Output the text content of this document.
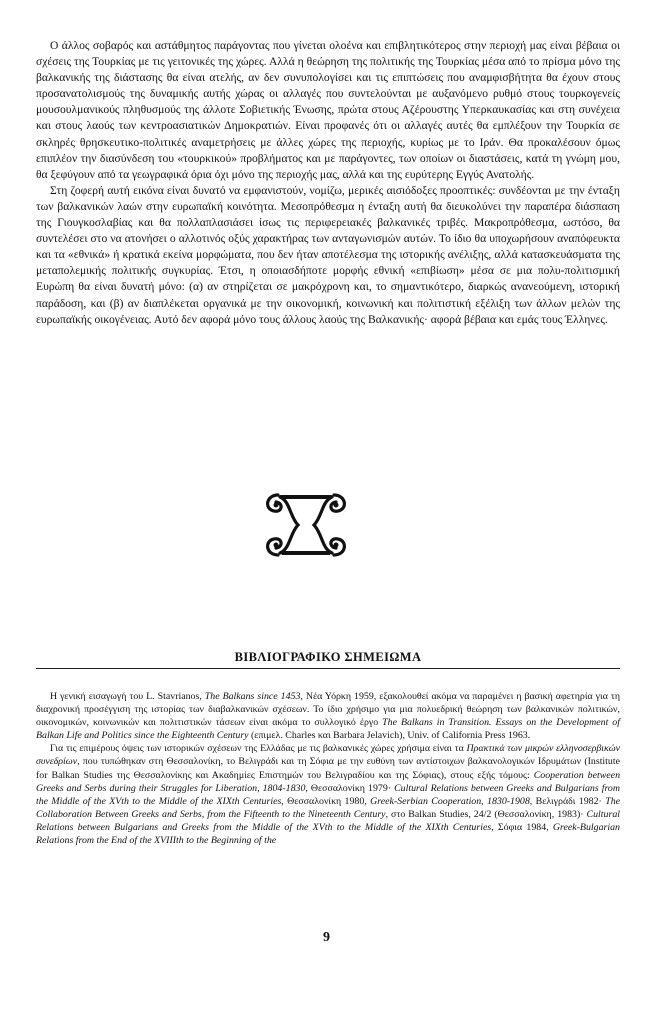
Ο άλλος σοβαρός και αστάθμητος παράγοντας που γίνεται ολοένα και επιβλητικότερος στην περιοχή μας είναι βέβαια οι σχέσεις της Τουρκίας με τις γειτονικές της χώρες. Αλλά η θεώρηση της πολιτικής της Τουρκίας μέσα από το πρίσμα μόνο της βαλκανικής της διάστασης θα είναι ατελής, αν δεν συνυπολογίσει και τις επιπτώσεις που αναμφισβήτητα θα έχουν στους προσανατολισμούς της δυναμικής αυτής χώρας οι αλλαγές που συντελούνται με αυξανόμενο ρυθμό στους τουρκογενείς μουσουλμανικούς πληθυσμούς της άλλοτε Σοβιετικής Ένωσης, πρώτα στους Αζέρουστης Υπερκαυκασίας και στη συνέχεια και στους λαούς των κεντροασιατικών Δημοκρατιών. Είναι προφανές ότι οι αλλαγές αυτές θα εμπλέξουν την Τουρκία σε σκληρές θρησκευτικο-πολιτικές αναμετρήσεις με άλλες χώρες της περιοχής, κυρίως με το Ιράν. Θα προκαλέσουν όμως επιπλέον την διασύνδεση του «τουρκικού» προβλήματος και με παράγοντες, των οποίων οι διαστάσεις, κατά τη γνώμη μου, θα ξεφύγουν από τα γεωγραφικά όρια όχι μόνο της περιοχής μας, αλλά και της ευρύτερης Εγγύς Ανατολής.

Στη ζοφερή αυτή εικόνα είναι δυνατό να εμφανιστούν, νομίζω, μερικές αισιόδοξες προοπτικές: συνδέονται με την ένταξη των βαλκανικών λαών στην ευρωπαϊκή κοινότητα. Μεσοπρόθεσμα η ένταξη αυτή θα διευκολύνει την παραπέρα διάσπαση της Γιουγκοσλαβίας και θα πολλαπλασιάσει ίσως τις περιφερειακές βαλκανικές τριβές. Μακροπρόθεσμα, ωστόσο, θα συντελέσει στο να ατονήσει ο αλλοτινός οξύς χαρακτήρας των ανταγωνισμών αυτών. Το ίδιο θα υποχωρήσουν αναπόφευκτα και τα «εθνικά» ή κρατικά εκείνα μορφώματα, που δεν ήταν αποτέλεσμα της ιστορικής ανέλιξης, αλλά κατασκευάσματα της μεταπολεμικής πολιτικής συγκυρίας. Έτσι, η οποιασδήποτε μορφής εθνική «επιβίωση» μέσα σε μια πολυ-πολιτισμική Ευρώπη θα είναι δυνατή μόνο: (α) αν στηρίζεται σε μακρόχρονη και, το σημαντικότερο, διαρκώς ανανεούμενη, ιστορική παράδοση, και (β) αν διαπλέκεται οργανικά με την οικονομική, κοινωνική και πολιτιστική εξέλιξη των άλλων μελών της ευρωπαϊκής οικογένειας. Αυτό δεν αφορά μόνο τους άλλους λαούς της Βαλκανικής· αφορά βέβαια και εμάς τους Έλληνες.

ΒΙΒΛΙΟΓΡΑΦΙΚΟ ΣΗΜΕΙΩΜΑ

Η γενική εισαγωγή του L. Stavrianos, The Balkans since 1453, Νέα Υόρκη 1959, εξακολουθεί ακόμα να παραμένει η βασική αφετηρία για τη διαχρονική προσέγγιση της ιστορίας των διαβαλκανικών σχέσεων. Το ίδιο χρήσιμο για μια πολυεδρική θεώρηση των βαλκανικών πολιτικών, οικονομικών, κοινωνικών και πολιτιστικών τάσεων είναι ακόμα το συλλογικό έργο The Balkans in Transition. Essays on the Development of Balkan Life and Politics since the Eighteenth Century (επιμελ. Charles και Barbara Jelavich), Univ. of California Press 1963.

Για τις επιμέρους όψεις των ιστορικών σχέσεων της Ελλάδας με τις βαλκανικές χώρες χρήσιμα είναι τα Πρακτικά των μικρών ελληνοσερβικών συνεδρίων, που τυπώθηκαν στη Θεσσαλονίκη, το Βελιγράδι και τη Σόφια με την ευθύνη των αντίστοιχων βαλκανολογικών Ιδρυμάτων (Institute for Balkan Studies της Θεσσαλονίκης και Ακαδημίες Επιστημών του Βελιγραδίου και της Σόφιας), στους εξής τόμους: Cooperation between Greeks and Serbs during their Struggles for Liberation, 1804-1830, Θεσσαλονίκη 1979· Cultural Relations between Greeks and Bulgarians from the Middle of the XVth to the Middle of the XIXth Centuries, Θεσσαλονίκη 1980, Greek-Serbian Cooperation, 1830-1908, Βελιγράδι 1982· The Collaboration Between Greeks and Serbs, from the Fifteenth to the Nineteenth Century, στο Balkan Studies, 24/2 (Θεσσαλονίκη, 1983)· Cultural Relations between Bulgarians and Greeks from the Middle of the XVth to the Middle of the XIXth Centuries, Σόφια 1984, Greek-Bulgarian Relations from the End of the XVIIIth to the Beginning of the

9
